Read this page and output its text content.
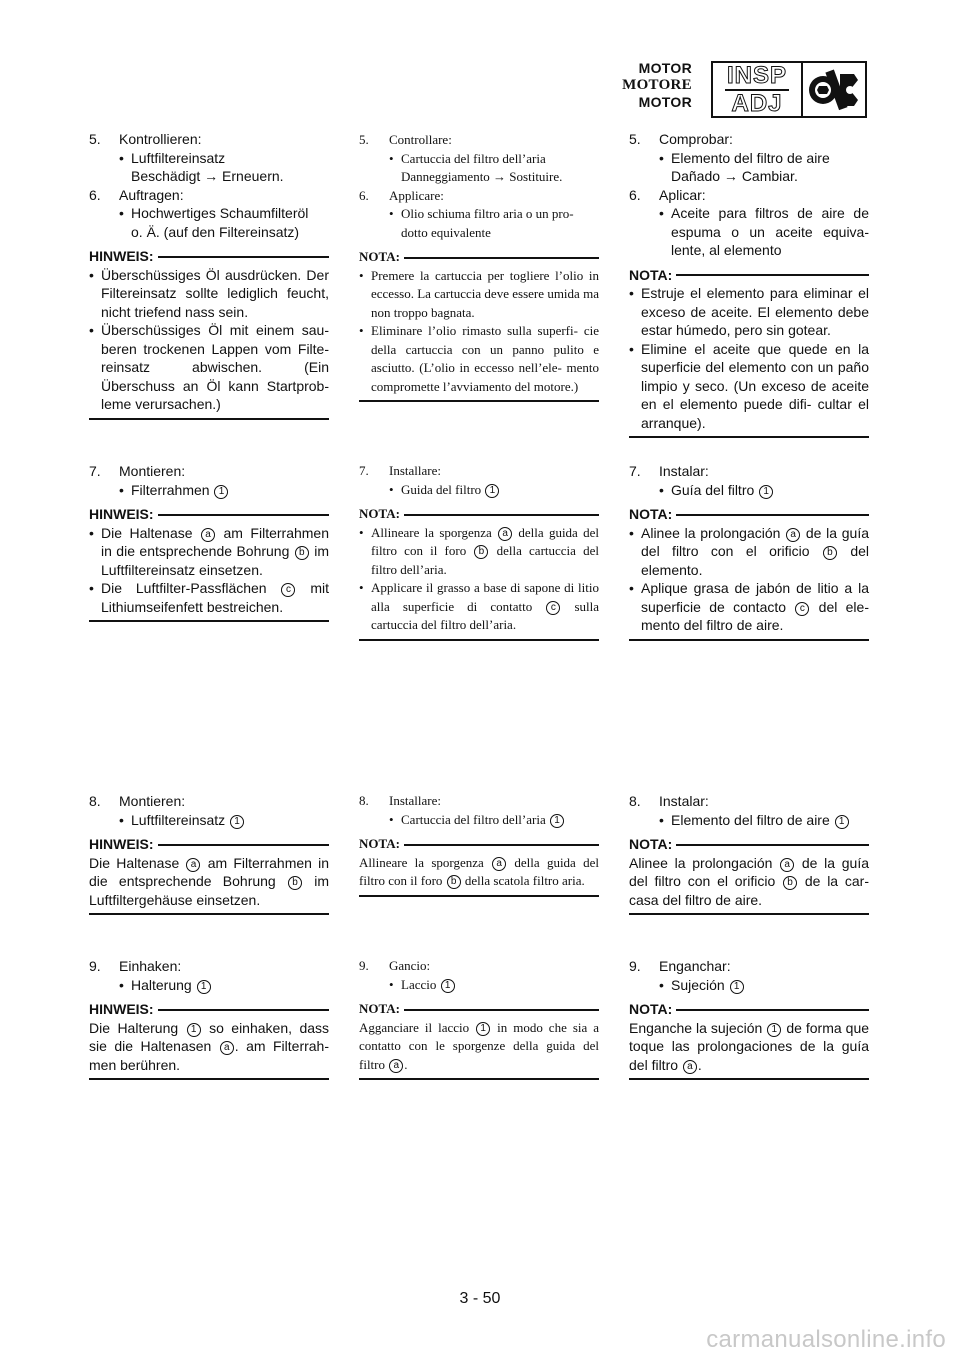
MOTOR
MOTORE
MOTOR
INSP
ADJ
5.	Kontrollieren:
• Luftfiltereinsatz
Beschädigt → Erneuern.
6.	Auftragen:
• Hochwertiges Schaumfilteröl
o. Ä. (auf den Filtereinsatz)
HINWEIS:
• Überschüssiges Öl ausdrücken. Der Filtereinsatz sollte lediglich feucht, nicht triefend nass sein.
• Überschüssiges Öl mit einem sau- beren trockenen Lappen vom Filte- reinsatz abwischen. (Ein Überschuss an Öl kann Startprob- leme verursachen.)
7.	Montieren:
• Filterrahmen 1
HINWEIS:
• Die Haltenase a am Filterrahmen in die entsprechende Bohrung b im Luftfiltereinsatz einsetzen.
• Die Luftfilter-Passflächen c mit Lithiumseifenfett bestreichen.
8.	Montieren:
• Luftfiltereinsatz 1
HINWEIS:
Die Haltenase a am Filterrahmen in die entsprechende Bohrung b im Luftfiltergehäuse einsetzen.
9.	Einhaken:
• Halterung 1
HINWEIS:
Die Halterung 1 so einhaken, dass sie die Haltenasen a . am Filterrah- men berühren.
5.	Controllare:
• Cartuccia del filtro dell’aria
Danneggiamento → Sostituire.
6.	Applicare:
• Olio schiuma filtro aria o un pro-
dotto equivalente
NOTA:
• Premere la cartuccia per togliere l’olio in eccesso. La cartuccia deve essere umida ma non troppo bagnata.
• Eliminare l’olio rimasto sulla superfi- cie della cartuccia con un panno pulito e asciutto. (L’olio in eccesso nell’ele- mento compromette l’avviamento del motore.)
7.	Installare:
• Guida del filtro 1
NOTA:
• Allineare la sporgenza a della guida del filtro con il foro b della cartuccia del filtro dell’aria.
• Applicare il grasso a base di sapone di litio alla superficie di contatto c sulla cartuccia del filtro dell’aria.
8.	Installare:
• Cartuccia del filtro dell’aria 1
NOTA:
Allineare la sporgenza a della guida del filtro con il foro b della scatola filtro aria.
9.	Gancio:
• Laccio 1
NOTA:
Agganciare il laccio 1 in modo che sia a contatto con le sporgenze della guida del filtro a .
5.	Comprobar:
• Elemento del filtro de aire
Dañado → Cambiar.
6.	Aplicar:
• Aceite para filtros de aire de espuma o un aceite equiva- lente, al elemento
NOTA:
• Estruje el elemento para eliminar el exceso de aceite. El elemento debe estar húmedo, pero sin gotear.
• Elimine el aceite que quede en la superficie del elemento con un paño limpio y seco. (Un exceso de aceite en el elemento puede difi- cultar el arranque).
7.	Instalar:
• Guía del filtro 1
NOTA:
• Alinee la prolongación a de la guía del filtro con el orificio b del elemento.
• Aplique grasa de jabón de litio a la superficie de contacto c del ele- mento del filtro de aire.
8.	Instalar:
• Elemento del filtro de aire 1
NOTA:
Alinee la prolongación a de la guía del filtro con el orificio b de la car- casa del filtro de aire.
9.	Enganchar:
• Sujeción 1
NOTA:
Enganche la sujeción 1 de forma que toque las prolongaciones de la guía del filtro a .
3 - 50
carmanualsonline.info
